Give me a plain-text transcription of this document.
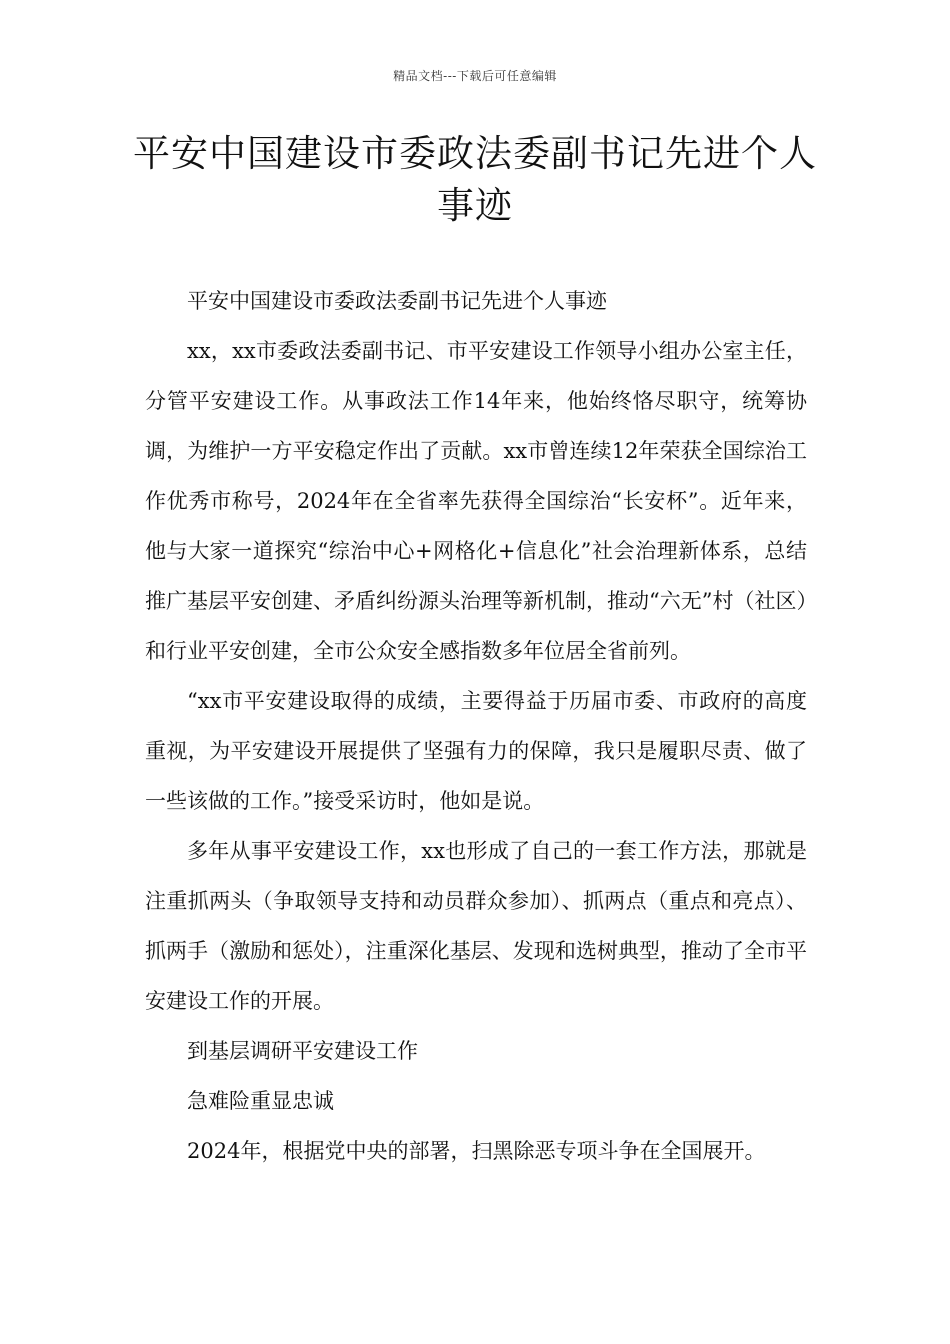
精品文档---下载后可任意编辑
平安中国建设市委政法委副书记先进个人事迹

平安中国建设市委政法委副书记先进个人事迹

xx，xx市委政法委副书记、市平安建设工作领导小组办公室主任，分管平安建设工作。从事政法工作14年来，他始终恪尽职守，统筹协调，为维护一方平安稳定作出了贡献。xx市曾连续12年荣获全国综治工作优秀市称号，2024年在全省率先获得全国综治“长安杯”。近年来，他与大家一道探究“综治中心+网格化+信息化”社会治理新体系，总结推广基层平安创建、矛盾纠纷源头治理等新机制，推动“六无”村（社区）和行业平安创建，全市公众安全感指数多年位居全省前列。

“xx市平安建设取得的成绩，主要得益于历届市委、市政府的高度重视，为平安建设开展提供了坚强有力的保障，我只是履职尽责、做了一些该做的工作。”接受采访时，他如是说。

多年从事平安建设工作，xx也形成了自己的一套工作方法，那就是注重抓两头（争取领导支持和动员群众参加）、抓两点（重点和亮点）、抓两手（激励和惩处），注重深化基层、发现和选树典型，推动了全市平安建设工作的开展。

到基层调研平安建设工作

急难险重显忠诚

2024年，根据党中央的部署，扫黑除恶专项斗争在全国展开。
